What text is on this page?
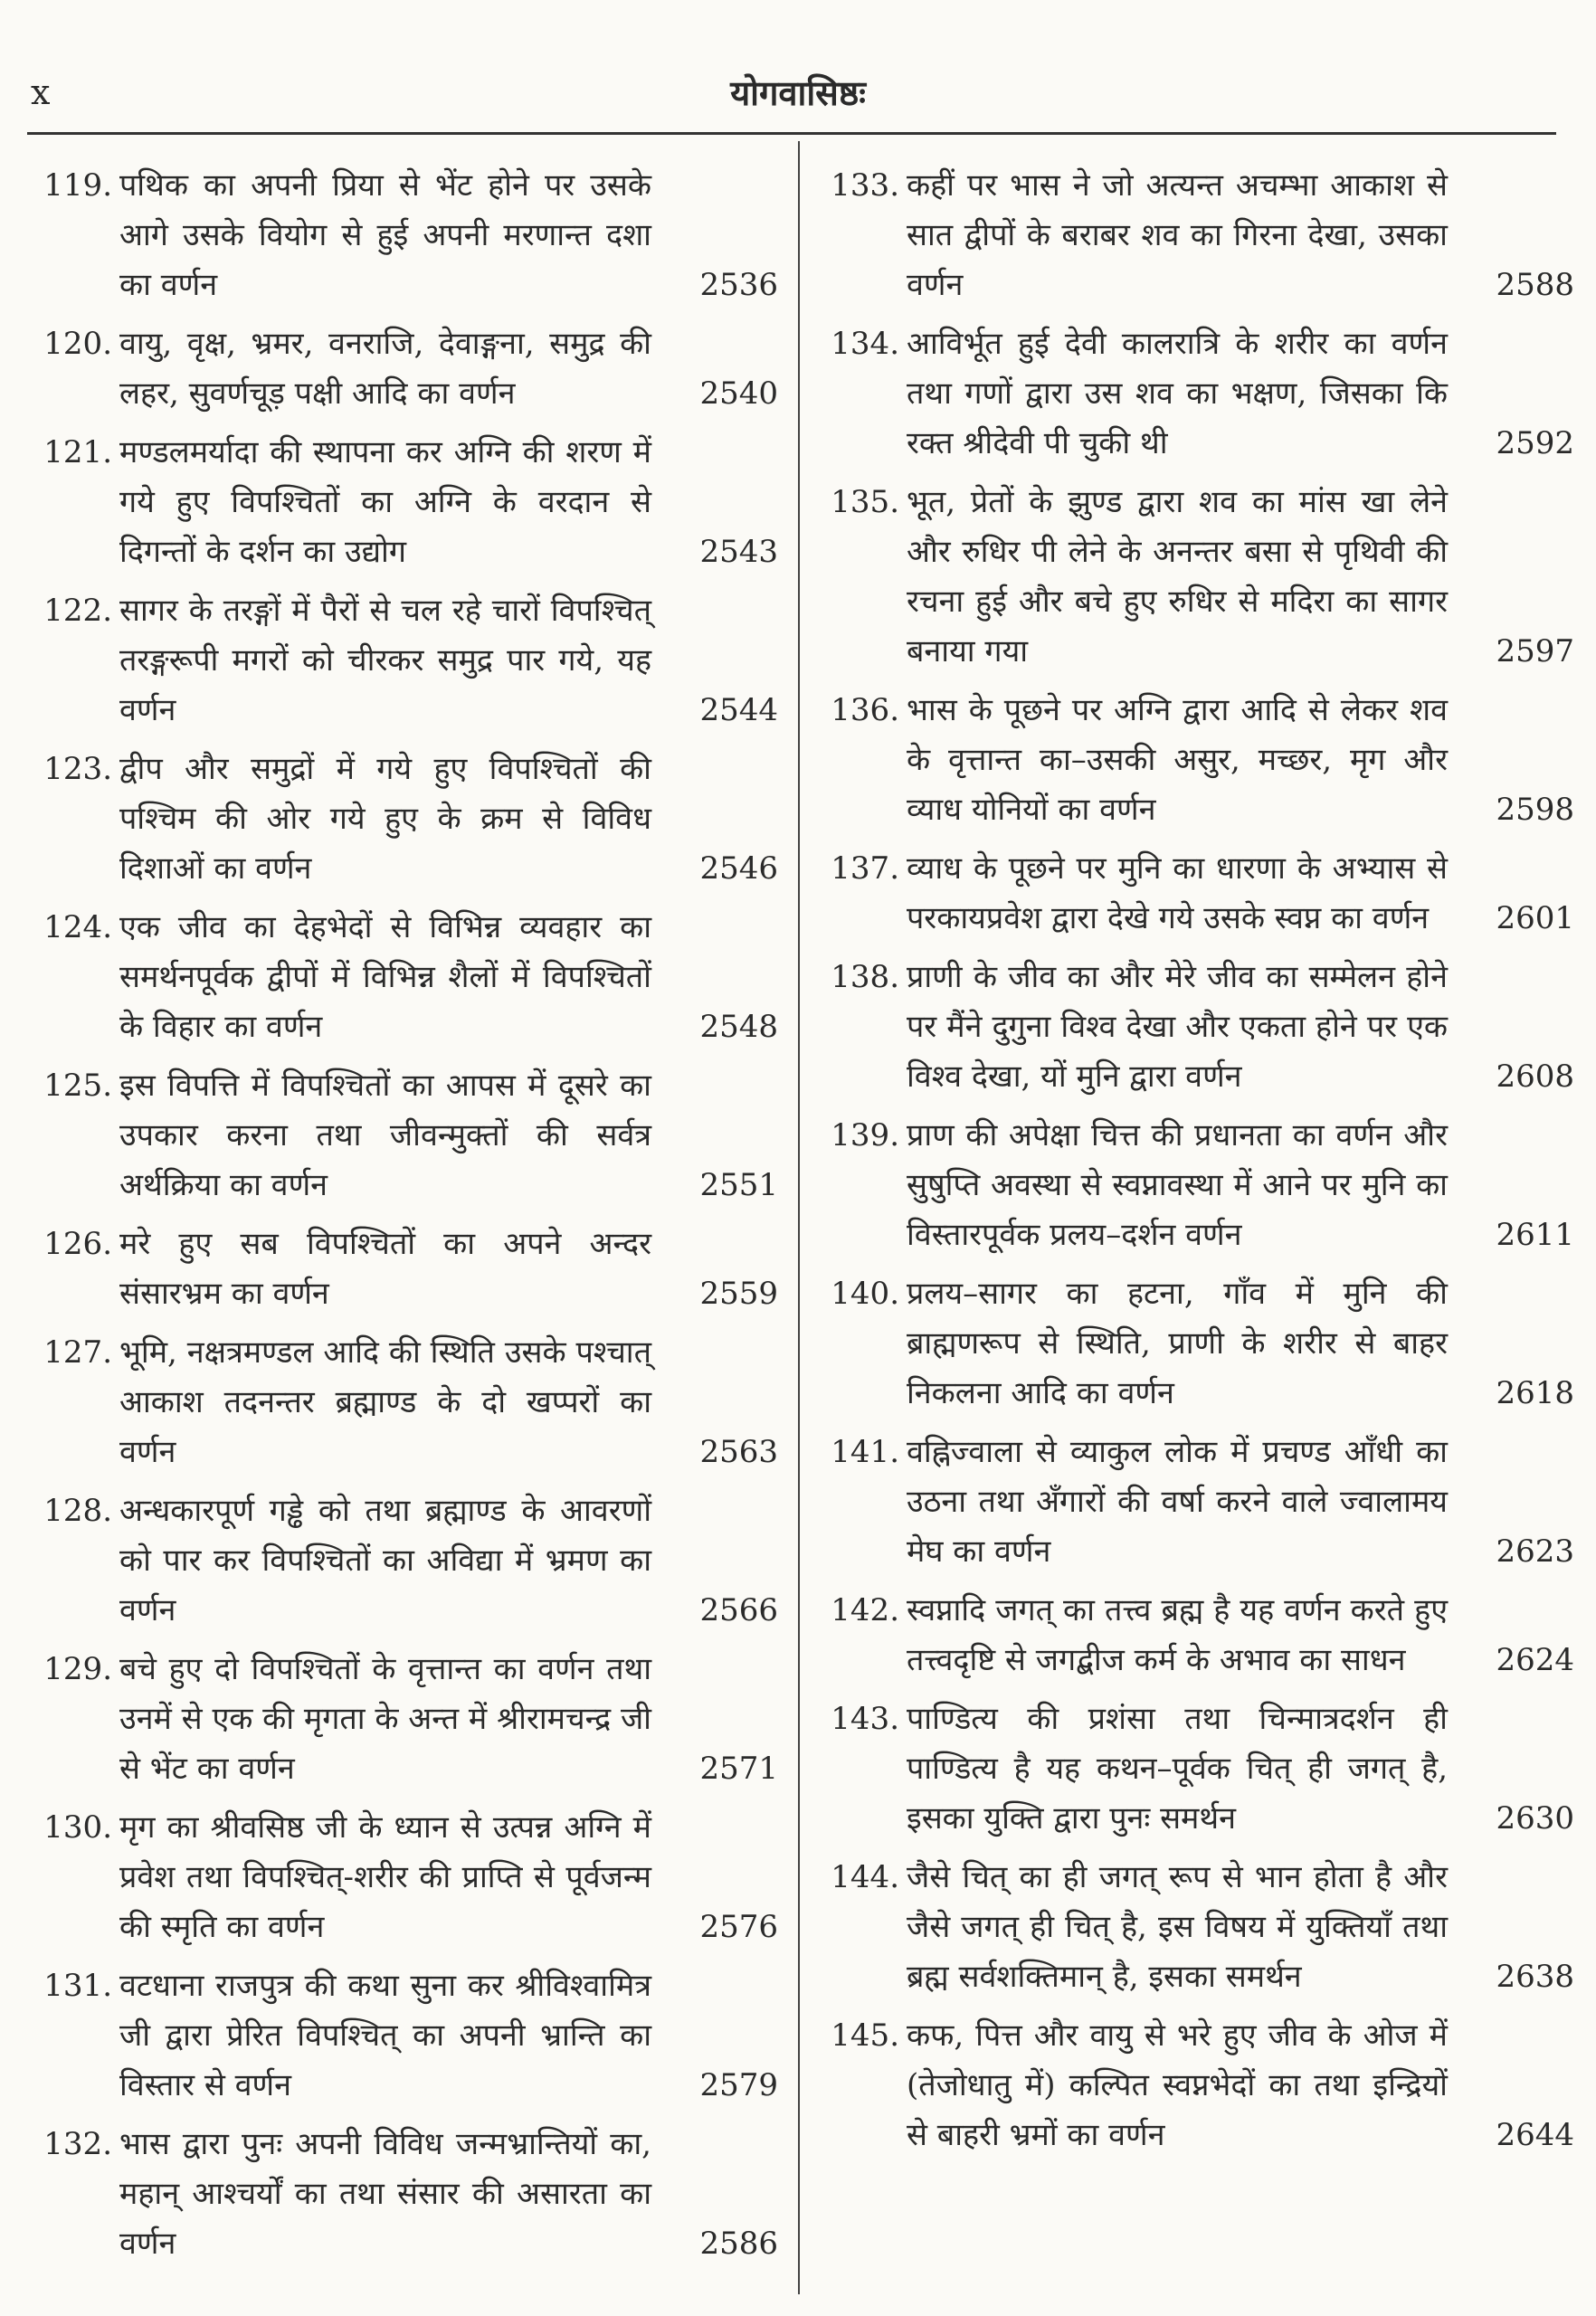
x	योगवासिष्ठः
119. पथिक का अपनी प्रिया से भेंट होने पर उसके आगे उसके वियोग से हुई अपनी मरणान्त दशा का वर्णन	2536
120. वायु, वृक्ष, भ्रमर, वनराजि, देवाङ्गना, समुद्र की लहर, सुवर्णचूड़ पक्षी आदि का वर्णन	2540
121. मण्डलमर्यादा की स्थापना कर अग्नि की शरण में गये हुए विपश्चितों का अग्नि के वरदान से दिगन्तों के दर्शन का उद्योग	2543
122. सागर के तरङ्गों में पैरों से चल रहे चारों विपश्चित् तरङ्गरूपी मगरों को चीरकर समुद्र पार गये, यह वर्णन	2544
123. द्वीप और समुद्रों में गये हुए विपश्चितों की पश्चिम की ओर गये हुए के क्रम से विविध दिशाओं का वर्णन	2546
124. एक जीव का देहभेदों से विभिन्न व्यवहार का समर्थनपूर्वक द्वीपों में विभिन्न शैलों में विपश्चितों के विहार का वर्णन	2548
125. इस विपत्ति में विपश्चितों का आपस में दूसरे का उपकार करना तथा जीवन्मुक्तों की सर्वत्र अर्थक्रिया का वर्णन	2551
126. मरे हुए सब विपश्चितों का अपने अन्दर संसारभ्रम का वर्णन	2559
127. भूमि, नक्षत्रमण्डल आदि की स्थिति उसके पश्चात् आकाश तदनन्तर ब्रह्माण्ड के दो खप्परों का वर्णन	2563
128. अन्धकारपूर्ण गड्ढे को तथा ब्रह्माण्ड के आवरणों को पार कर विपश्चितों का अविद्या में भ्रमण का वर्णन	2566
129. बचे हुए दो विपश्चितों के वृत्तान्त का वर्णन तथा उनमें से एक की मृगता के अन्त में श्रीरामचन्द्र जी से भेंट का वर्णन	2571
130. मृग का श्रीवसिष्ठ जी के ध्यान से उत्पन्न अग्नि में प्रवेश तथा विपश्चित्-शरीर की प्राप्ति से पूर्वजन्म की स्मृति का वर्णन	2576
131. वटधाना राजपुत्र की कथा सुना कर श्रीविश्वामित्र जी द्वारा प्रेरित विपश्चित् का अपनी भ्रान्ति का विस्तार से वर्णन	2579
132. भास द्वारा पुनः अपनी विविध जन्मभ्रान्तियों का, महान् आश्चर्यों का तथा संसार की असारता का वर्णन	2586
133. कहीं पर भास ने जो अत्यन्त अचम्भा आकाश से सात द्वीपों के बराबर शव का गिरना देखा, उसका वर्णन	2588
134. आविर्भूत हुई देवी कालरात्रि के शरीर का वर्णन तथा गणों द्वारा उस शव का भक्षण, जिसका कि रक्त श्रीदेवी पी चुकी थी	2592
135. भूत, प्रेतों के झुण्ड द्वारा शव का मांस खा लेने और रुधिर पी लेने के अनन्तर बसा से पृथिवी की रचना हुई और बचे हुए रुधिर से मदिरा का सागर बनाया गया	2597
136. भास के पूछने पर अग्नि द्वारा आदि से लेकर शव के वृत्तान्त का–उसकी असुर, मच्छर, मृग और व्याध योनियों का वर्णन	2598
137. व्याध के पूछने पर मुनि का धारणा के अभ्यास से परकायप्रवेश द्वारा देखे गये उसके स्वप्न का वर्णन	2601
138. प्राणी के जीव का और मेरे जीव का सम्मेलन होने पर मैंने दुगुना विश्व देखा और एकता होने पर एक विश्व देखा, यों मुनि द्वारा वर्णन	2608
139. प्राण की अपेक्षा चित्त की प्रधानता का वर्णन और सुषुप्ति अवस्था से स्वप्नावस्था में आने पर मुनि का विस्तारपूर्वक प्रलय–दर्शन वर्णन	2611
140. प्रलय–सागर का हटना, गाँव में मुनि की ब्राह्मणरूप से स्थिति, प्राणी के शरीर से बाहर निकलना आदि का वर्णन	2618
141. वह्निज्वाला से व्याकुल लोक में प्रचण्ड आँधी का उठना तथा अँगारों की वर्षा करने वाले ज्वालामय मेघ का वर्णन	2623
142. स्वप्नादि जगत् का तत्त्व ब्रह्म है यह वर्णन करते हुए तत्त्वदृष्टि से जगद्बीज कर्म के अभाव का साधन	2624
143. पाण्डित्य की प्रशंसा तथा चिन्मात्रदर्शन ही पाण्डित्य है यह कथन–पूर्वक चित् ही जगत् है, इसका युक्ति द्वारा पुनः समर्थन	2630
144. जैसे चित् का ही जगत् रूप से भान होता है और जैसे जगत् ही चित् है, इस विषय में युक्तियाँ तथा ब्रह्म सर्वशक्तिमान् है, इसका समर्थन	2638
145. कफ, पित्त और वायु से भरे हुए जीव के ओज में (तेजोधातु में) कल्पित स्वप्नभेदों का तथा इन्द्रियों से बाहरी भ्रमों का वर्णन	2644
